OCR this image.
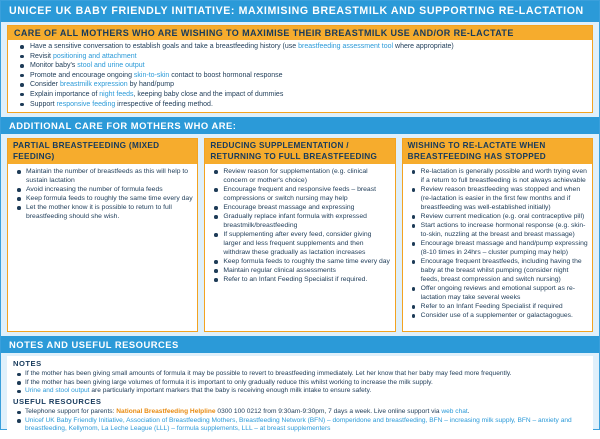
UNICEF UK BABY FRIENDLY INITIATIVE: MAXIMISING BREASTMILK AND SUPPORTING RE-LACTATION
CARE OF ALL MOTHERS WHO ARE WISHING TO MAXIMISE THEIR BREASTMILK USE AND/OR RE-LACTATE
Have a sensitive conversation to establish goals and take a breastfeeding history (use breastfeeding assessment tool where appropriate)
Revisit positioning and attachment
Monitor baby's stool and urine output
Promote and encourage ongoing skin-to-skin contact to boost hormonal response
Consider breastmilk expression by hand/pump
Explain importance of night feeds, keeping baby close and the impact of dummies
Support responsive feeding irrespective of feeding method.
ADDITIONAL CARE FOR MOTHERS WHO ARE:
PARTIAL BREASTFEEDING (MIXED FEEDING)
Maintain the number of breastfeeds as this will help to sustain lactation
Avoid increasing the number of formula feeds
Keep formula feeds to roughly the same time every day
Let the mother know it is possible to return to full breastfeeding should she wish.
REDUCING SUPPLEMENTATION / RETURNING TO FULL BREASTFEEDING
Review reason for supplementation (e.g. clinical concern or mother's choice)
Encourage frequent and responsive feeds – breast compressions or switch nursing may help
Encourage breast massage and expressing
Gradually replace infant formula with expressed breastmilk/breastfeeding
If supplementing after every feed, consider giving larger and less frequent supplements and then withdraw these gradually as lactation increases
Keep formula feeds to roughly the same time every day
Maintain regular clinical assessments
Refer to an Infant Feeding Specialist if required.
WISHING TO RE-LACTATE WHEN BREASTFEEDING HAS STOPPED
Re-lactation is generally possible and worth trying even if a return to full breastfeeding is not always achievable
Review reason breastfeeding was stopped and when (re-lactation is easier in the first few months and if breastfeeding was well-established initially)
Review current medication (e.g. oral contraceptive pill)
Start actions to increase hormonal response (e.g. skin-to-skin, nuzzling at the breast and breast massage)
Encourage breast massage and hand/pump expressing (8-10 times in 24hrs – cluster pumping may help)
Encourage frequent breastfeeds, including having the baby at the breast whilst pumping (consider night feeds, breast compression and switch nursing)
Offer ongoing reviews and emotional support as re-lactation may take several weeks
Refer to an Infant Feeding Specialist if required
Consider use of a supplementer or galactagogues.
NOTES AND USEFUL RESOURCES
NOTES
If the mother has been giving small amounts of formula it may be possible to revert to breastfeeding immediately. Let her know that her baby may feed more frequently.
If the mother has been giving large volumes of formula it is important to only gradually reduce this whilst working to increase the milk supply.
Urine and stool output are particularly important markers that the baby is receiving enough milk intake to ensure safety.
USEFUL RESOURCES
Telephone support for parents: National Breastfeeding Helpline 0300 100 0212 from 9:30am-9:30pm, 7 days a week. Live online support via web chat.
Unicef UK Baby Friendly Initiative, Association of Breastfeeding Mothers, Breastfeeding Network (BFN) – domperidone and breastfeeding, BFN – increasing milk supply, BFN – anxiety and breastfeeding, Kellymom, La Leche League (LLL) – formula supplements, LLL – at breast supplementers
